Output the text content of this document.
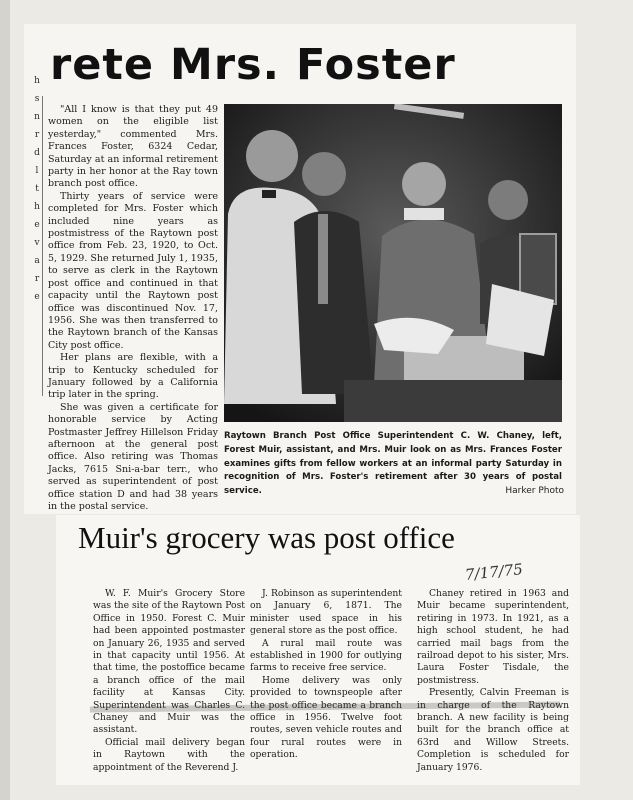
rete Mrs. Foster
h
s
n
r
d
l
t
h
e
v
a
r
e

"All I know is that they put 49 women on the eligible list yesterday," commented Mrs. Frances Foster, 6324 Cedar, Saturday at an informal retirement party in her honor at the Ray town branch post office.

Thirty years of service were completed for Mrs. Foster which included nine years as postmistress of the Raytown post office from Feb. 23, 1920, to Oct. 5, 1929. She returned July 1, 1935, to serve as clerk in the Raytown post office and continued in that capacity until the Raytown post office was discontinued Nov. 17, 1956. She was then transferred to the Raytown branch of the Kansas City post office.

Her plans are flexible, with a trip to Kentucky scheduled for January followed by a California trip later in the spring.

She was given a certificate for honorable service by Acting Postmaster Jeffrey Hillelson Friday afternoon at the general post office. Also retiring was Thomas Jacks, 7615 Sni-a-bar terr., who served as superintendent of post office station D and had 38 years in the postal service.

Raytown Branch Post Office Superintendent C. W. Chaney, left, Forest Muir, assistant, and Mrs. Muir look on as Mrs. Frances Foster examines gifts from fellow workers at an informal party Saturday in recognition of Mrs. Foster's retirement after 30 years of postal service.	Harker Photo
Muir's grocery was post office
7/17/75

W. F. Muir's Grocery Store was the site of the Raytown Post Office in 1950. Forest C. Muir had been appointed postmaster on January 26, 1935 and served in that capacity until 1956. At that time, the postoffice became a branch office of the mail facility at Kansas City. Superintendent was Charles C. Chaney and Muir was the assistant.

Official mail delivery began in Raytown with the appointment of the Reverend J.

J. Robinson as superintendent on January 6, 1871. The minister used space in his general store as the post office.

A rural mail route was established in 1900 for outlying farms to receive free service.

Home delivery was only provided to townspeople after the post office became a branch office in 1956. Twelve foot routes, seven vehicle routes and four rural routes were in operation.

Chaney retired in 1963 and Muir became superintendent, retiring in 1973. In 1921, as a high school student, he had carried mail bags from the railroad depot to his sister, Mrs. Laura Foster Tisdale, the postmistress.

Presently, Calvin Freeman is in charge of the Raytown branch. A new facility is being built for the branch office at 63rd and Willow Streets. Completion is scheduled for January 1976.
